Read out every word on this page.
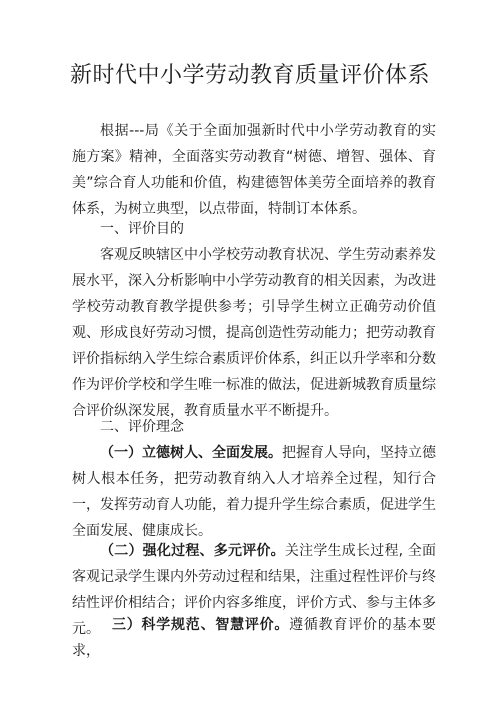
新时代中小学劳动教育质量评价体系
根据---局《关于全面加强新时代中小学劳动教育的实施方案》精神，全面落实劳动教育“树德、增智、强体、育美”综合育人功能和价值，构建德智体美劳全面培养的教育体系，为树立典型，以点带面，特制订本体系。
一、评价目的
客观反映辖区中小学校劳动教育状况、学生劳动素养发展水平，深入分析影响中小学劳动教育的相关因素，为改进学校劳动教育教学提供参考；引导学生树立正确劳动价值观、形成良好劳动习惯，提高创造性劳动能力；把劳动教育评价指标纳入学生综合素质评价体系，纠正以升学率和分数作为评价学校和学生唯一标准的做法，促进新城教育质量综合评价纵深发展，教育质量水平不断提升。
二、评价理念
（一）立德树人、全面发展。把握育人导向，坚持立德树人根本任务，把劳动教育纳入人才培养全过程，知行合一，发挥劳动育人功能，着力提升学生综合素质，促进学生全面发展、健康成长。
（二）强化过程、多元评价。关注学生成长过程, 全面客观记录学生课内外劳动过程和结果，注重过程性评价与终结性评价相结合；评价内容多维度，评价方式、参与主体多元。 三）科学规范、智慧评价。遵循教育评价的基本要求，
